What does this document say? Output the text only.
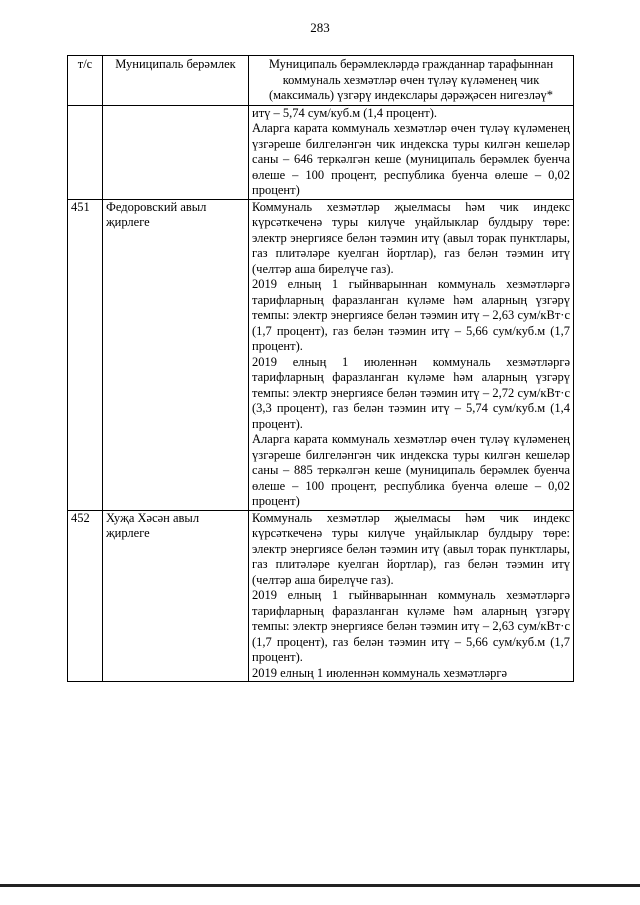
283
т/с	Муниципаль берәмлек	Муниципаль берәмлекләрдә гражданнар тарафыннан коммуналь хезмәтләр өчен түләү күләменең чик (максималь) үзгәрү индекслары дәрәҗәсен нигезләү*

		итү – 5,74 сум/куб.м (1,4 процент).

Аларга карата коммуналь хезмәтләр өчен түләү күләменең үзгәреше билгеләнгән чик индекска туры килгән кешеләр саны – 646 теркәлгән кеше (муниципаль берәмлек буенча өлеше – 100 процент, республика буенча өлеше – 0,02 процент)

451	Федоровский авыл җирлеге	Коммуналь хезмәтләр җыелмасы һәм чик индекс күрсәткеченә туры килүче уңайлыклар булдыру төре: электр энергиясе белән тәэмин итү (авыл торак пунктлары, газ плитәләре куелган йортлар), газ белән тәэмин итү (челтәр аша бирелүче газ).

2019 елның 1 гыйнварыннан коммуналь хезмәтләргә тарифларның фаразланган күләме һәм аларның үзгәрү темпы: электр энергиясе белән тәэмин итү – 2,63 сум/кВт·с (1,7 процент), газ белән тәэмин итү – 5,66 сум/куб.м (1,7 процент).

2019 елның 1 июленнән коммуналь хезмәтләргә тарифларның фаразланган күләме һәм аларның үзгәрү темпы: электр энергиясе белән тәэмин итү – 2,72 сум/кВт·с (3,3 процент), газ белән тәэмин итү – 5,74 сум/куб.м (1,4 процент).

Аларга карата коммуналь хезмәтләр өчен түләү күләменең үзгәреше билгеләнгән чик индекска туры килгән кешеләр саны – 885 теркәлгән кеше (муниципаль берәмлек буенча өлеше – 100 процент, республика буенча өлеше – 0,02 процент)

452	Хуҗа Хәсән авыл җирлеге	Коммуналь хезмәтләр җыелмасы һәм чик индекс күрсәткеченә туры килүче уңайлыклар булдыру төре: электр энергиясе белән тәэмин итү (авыл торак пунктлары, газ плитәләре куелган йортлар), газ белән тәэмин итү (челтәр аша бирелүче газ).

2019 елның 1 гыйнварыннан коммуналь хезмәтләргә тарифларның фаразланган күләме һәм аларның үзгәрү темпы: электр энергиясе белән тәэмин итү – 2,63 сум/кВт·с (1,7 процент), газ белән тәэмин итү – 5,66 сум/куб.м (1,7 процент).

2019 елның 1 июленнән коммуналь хезмәтләргә
